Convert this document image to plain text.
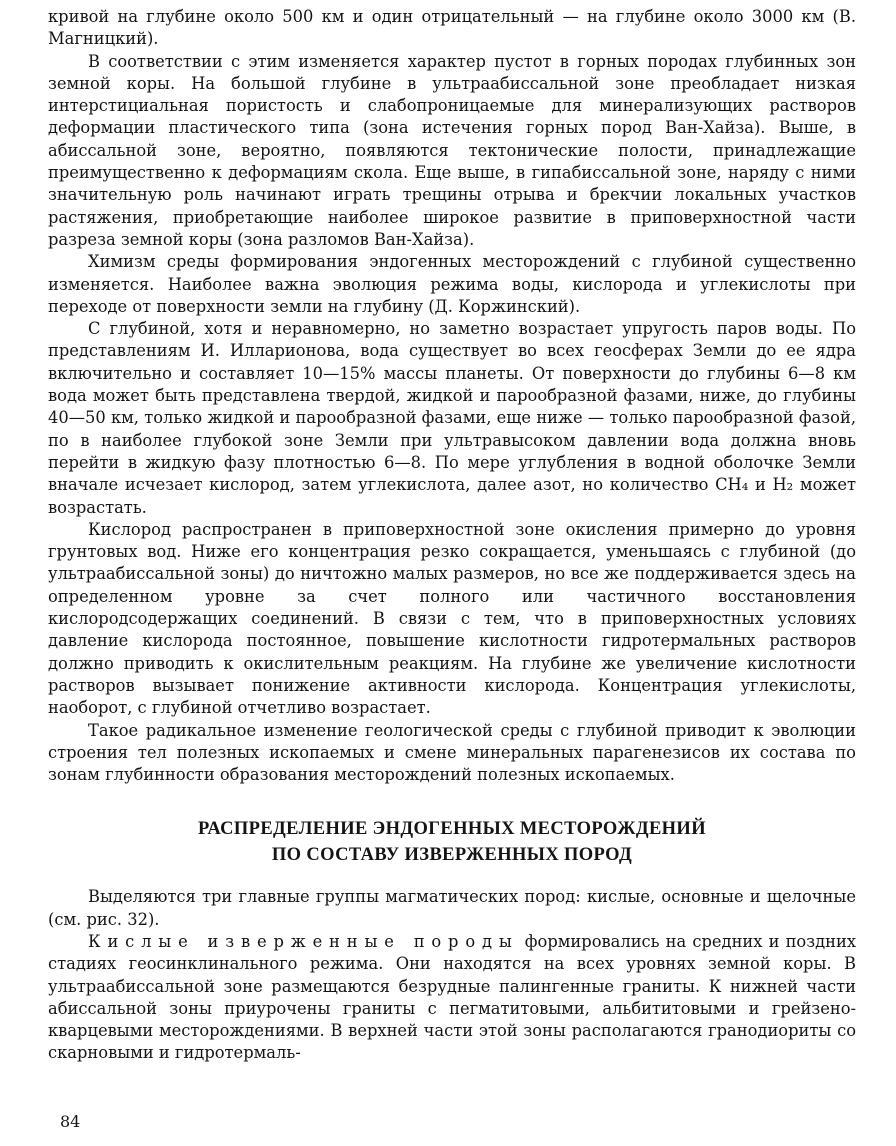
кривой на глубине около 500 км и один отрицательный — на глубине около 3000 км (В. Магницкий).

В соответствии с этим изменяется характер пустот в горных породах глубинных зон земной коры. На большой глубине в ультраабиссальной зоне преобладает низкая интерстициальная пористость и слабопроницаемые для минерализующих растворов деформации пластического типа (зона истечения горных пород Ван-Хайза). Выше, в абиссальной зоне, вероятно, появляются тектонические полости, принадлежащие преимущественно к деформациям скола. Еще выше, в гипабиссальной зоне, наряду с ними значительную роль начинают играть трещины отрыва и брекчии локальных участков растяжения, приобретающие наиболее широкое развитие в приповерхностной части разреза земной коры (зона разломов Ван-Хайза).

Химизм среды формирования эндогенных месторождений с глубиной существенно изменяется. Наиболее важна эволюция режима воды, кислорода и углекислоты при переходе от поверхности земли на глубину (Д. Коржинский).

С глубиной, хотя и неравномерно, но заметно возрастает упругость паров воды. По представлениям И. Илларионова, вода существует во всех геосферах Земли до ее ядра включительно и составляет 10—15% массы планеты. От поверхности до глубины 6—8 км вода может быть представлена твердой, жидкой и парообразной фазами, ниже, до глубины 40—50 км, только жидкой и парообразной фазами, еще ниже — только парообразной фазой, по в наиболее глубокой зоне Земли при ультравысоком давлении вода должна вновь перейти в жидкую фазу плотностью 6—8. По мере углубления в водной оболочке Земли вначале исчезает кислород, затем углекислота, далее азот, но количество CH₄ и H₂ может возрастать.

Кислород распространен в приповерхностной зоне окисления примерно до уровня грунтовых вод. Ниже его концентрация резко сокращается, уменьшаясь с глубиной (до ультраабиссальной зоны) до ничтожно малых размеров, но все же поддерживается здесь на определенном уровне за счет полного или частичного восстановления кислородсодержащих соединений. В связи с тем, что в приповерхностных условиях давление кислорода постоянное, повышение кислотности гидротермальных растворов должно приводить к окислительным реакциям. На глубине же увеличение кислотности растворов вызывает понижение активности кислорода. Концентрация углекислоты, наоборот, с глубиной отчетливо возрастает.

Такое радикальное изменение геологической среды с глубиной приводит к эволюции строения тел полезных ископаемых и смене минеральных парагенезисов их состава по зонам глубинности образования месторождений полезных ископаемых.

РАСПРЕДЕЛЕНИЕ ЭНДОГЕННЫХ МЕСТОРОЖДЕНИЙ
ПО СОСТАВУ ИЗВЕРЖЕННЫХ ПОРОД

Выделяются три главные группы магматических пород: кислые, основные и щелочные (см. рис. 32).

Кислые изверженные породы формировались на средних и поздних стадиях геосинклинального режима. Они находятся на всех уровнях земной коры. В ультраабиссальной зоне размещаются безрудные палингенные граниты. К нижней части абиссальной зоны приурочены граниты с пегматитовыми, альбититовыми и грейзено-кварцевыми месторождениями. В верхней части этой зоны располагаются гранодиориты со скарновыми и гидротермаль-

84
